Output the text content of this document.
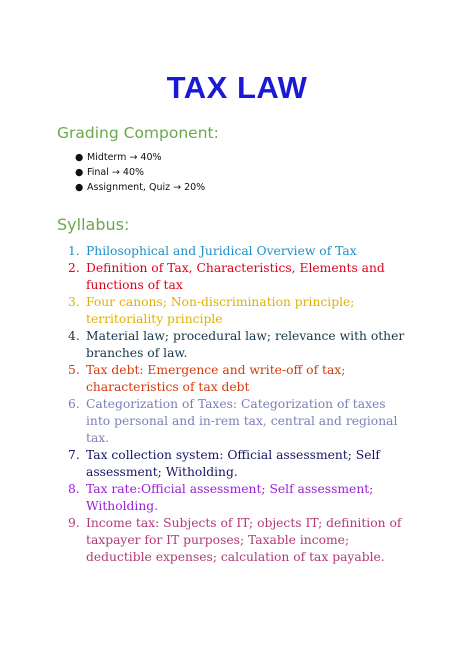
TAX LAW
Grading Component:
● Midterm → 40%
● Final → 40%
● Assignment, Quiz → 20%
Syllabus:
1. Philosophical and Juridical Overview of Tax
2. Definition of Tax, Characteristics, Elements and functions of tax
3. Four canons; Non-discrimination principle; territoriality principle
4. Material law; procedural law; relevance with other branches of law.
5. Tax debt: Emergence and write-off of tax; characteristics of tax debt
6. Categorization of Taxes: Categorization of taxes into personal and in-rem tax, central and regional tax.
7. Tax collection system: Official assessment; Self assessment; Witholding.
8. Tax rate:Official assessment; Self assessment; Witholding.
9. Income tax: Subjects of IT; objects IT; definition of taxpayer for IT purposes; Taxable income; deductible expenses; calculation of tax payable.
